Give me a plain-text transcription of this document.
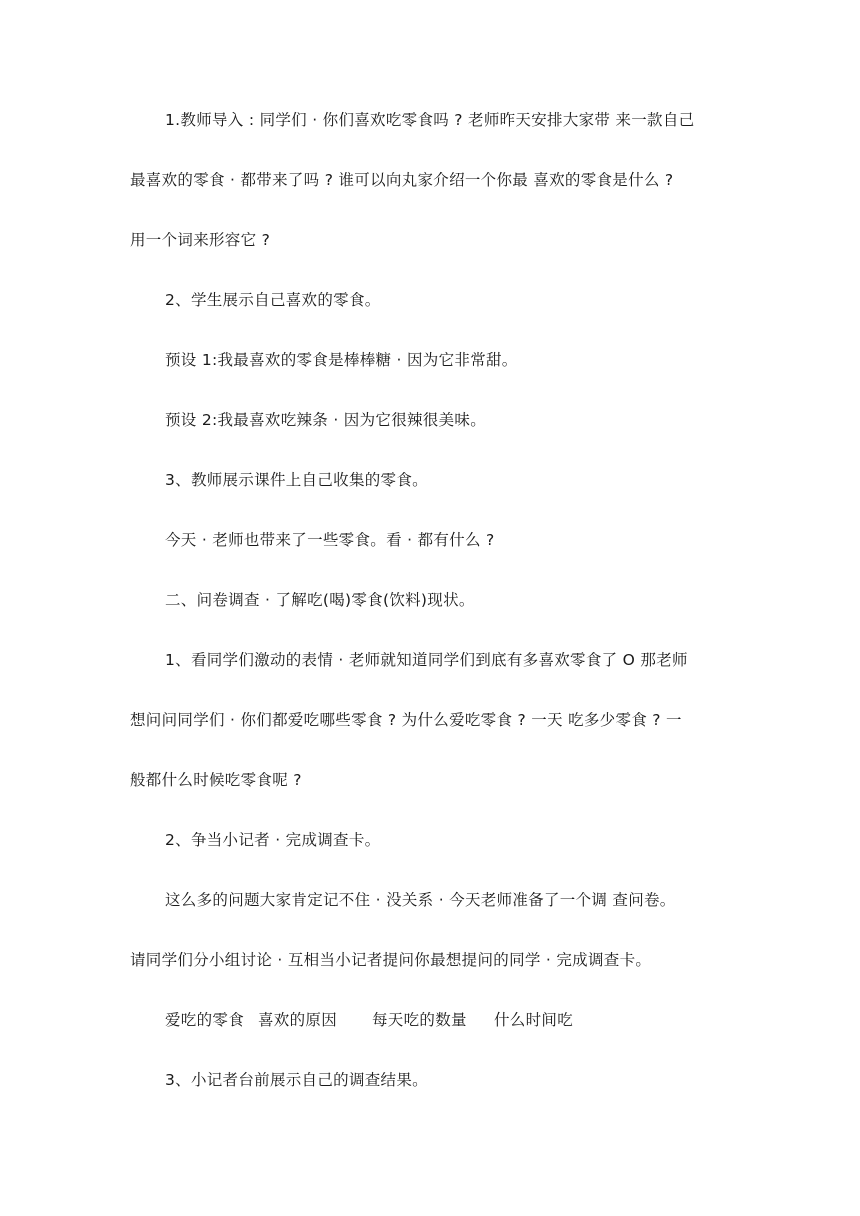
1.教师导入 : 同学们 · 你们喜欢吃零食吗 ? 老师昨天安排大家带 来一款自己
最喜欢的零食 · 都带来了吗 ? 谁可以向丸家介绍一个你最 喜欢的零食是什么 ?
用一个词来形容它 ?
2、学生展示自己喜欢的零食。
预设 1:我最喜欢的零食是棒棒糖 · 因为它非常甜。
预设 2:我最喜欢吃辣条 · 因为它很辣很美味。
3、教师展示课件上自己收集的零食。
今天 · 老师也带来了一些零食。看 · 都有什么 ?
二、问卷调查 · 了解吃(喝)零食(饮料)现状。
1、看同学们激动的表情 · 老师就知道同学们到底有多喜欢零食了 O 那老师
想问问同学们 · 你们都爱吃哪些零食 ? 为什么爱吃零食 ? 一天 吃多少零食 ? 一
般都什么时候吃零食呢 ?
2、争当小记者 · 完成调查卡。
这么多的问题大家肯定记不住 · 没关系 · 今天老师准备了一个调 查问卷。
请同学们分小组讨论 · 互相当小记者提问你最想提问的同学 · 完成调查卡。
爱吃的零食 喜欢的原因 每天吃的数量 什么时间吃
3、小记者台前展示自己的调查结果。
